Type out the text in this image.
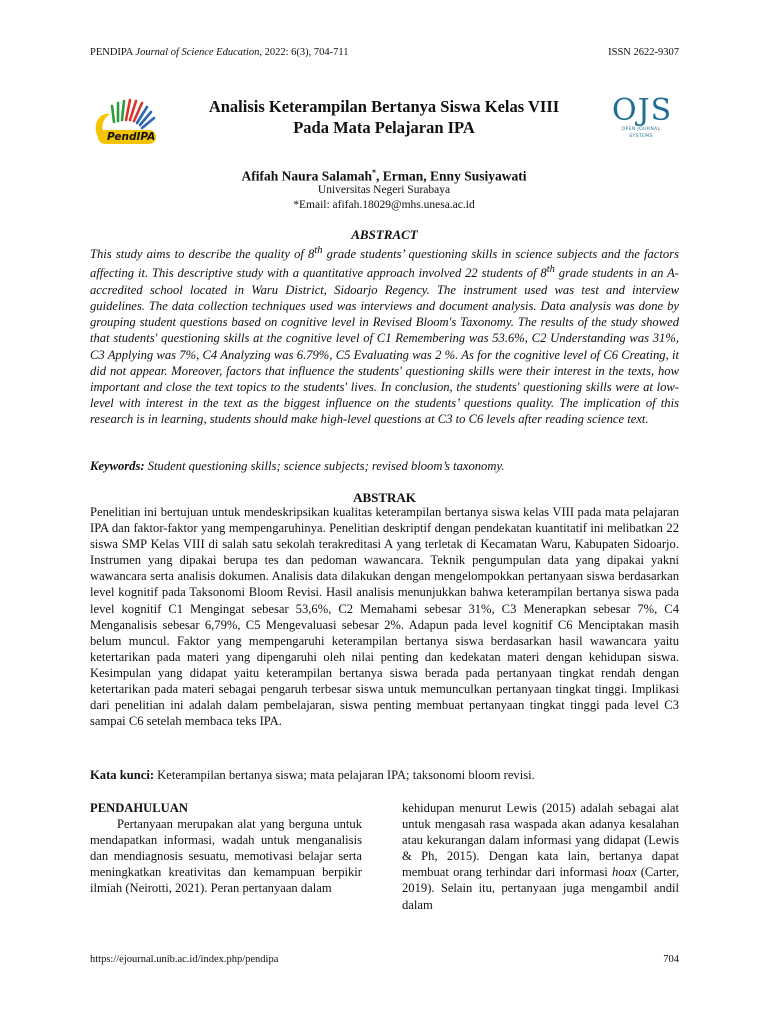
PENDIPA Journal of Science Education, 2022: 6(3), 704-711	ISSN 2622-9307
PendIPA
OJS
OPEN JOURNAL SYSTEMS
Analisis Keterampilan Bertanya Siswa Kelas VIII
Pada Mata Pelajaran IPA
Afifah Naura Salamah*, Erman, Enny Susiyawati
Universitas Negeri Surabaya
*Email: afifah.18029@mhs.unesa.ac.id
ABSTRACT
This study aims to describe the quality of 8th grade students’ questioning skills in science subjects and the factors affecting it. This descriptive study with a quantitative approach involved 22 students of 8th grade students in an A-accredited school located in Waru District, Sidoarjo Regency. The instrument used was test and interview guidelines. The data collection techniques used was interviews and document analysis. Data analysis was done by grouping student questions based on cognitive level in Revised Bloom's Taxonomy. The results of the study showed that students' questioning skills at the cognitive level of C1 Remembering was 53.6%, C2 Understanding was 31%, C3 Applying was 7%, C4 Analyzing was 6.79%, C5 Evaluating was 2 %. As for the cognitive level of C6 Creating, it did not appear. Moreover, factors that influence the students' questioning skills were their interest in the texts, how important and close the text topics to the students' lives. In conclusion, the students' questioning skills were at low-level with interest in the text as the biggest influence on the students’ questions quality. The implication of this research is in learning, students should make high-level questions at C3 to C6 levels after reading science text.
Keywords: Student questioning skills; science subjects; revised bloom’s taxonomy.
ABSTRAK
Penelitian ini bertujuan untuk mendeskripsikan kualitas keterampilan bertanya siswa kelas VIII pada mata pelajaran IPA dan faktor-faktor yang mempengaruhinya. Penelitian deskriptif dengan pendekatan kuantitatif ini melibatkan 22 siswa SMP Kelas VIII di salah satu sekolah terakreditasi A yang terletak di Kecamatan Waru, Kabupaten Sidoarjo. Instrumen yang dipakai berupa tes dan pedoman wawancara. Teknik pengumpulan data yang dipakai yakni wawancara serta analisis dokumen. Analisis data dilakukan dengan mengelompokkan pertanyaan siswa berdasarkan level kognitif pada Taksonomi Bloom Revisi. Hasil analisis menunjukkan bahwa keterampilan bertanya siswa pada level kognitif C1 Mengingat sebesar 53,6%, C2 Memahami sebesar 31%, C3 Menerapkan sebesar 7%, C4 Menganalisis sebesar 6,79%, C5 Mengevaluasi sebesar 2%. Adapun pada level kognitif C6 Menciptakan masih belum muncul. Faktor yang mempengaruhi keterampilan bertanya siswa berdasarkan hasil wawancara yaitu ketertarikan pada materi yang dipengaruhi oleh nilai penting dan kedekatan materi dengan kehidupan siswa. Kesimpulan yang didapat yaitu keterampilan bertanya siswa berada pada pertanyaan tingkat rendah dengan ketertarikan pada materi sebagai pengaruh terbesar siswa untuk memunculkan pertanyaan tingkat tinggi. Implikasi dari penelitian ini adalah dalam pembelajaran, siswa penting membuat pertanyaan tingkat tinggi pada level C3 sampai C6 setelah membaca teks IPA.
Kata kunci: Keterampilan bertanya siswa; mata pelajaran IPA; taksonomi bloom revisi.
PENDAHULUAN
Pertanyaan merupakan alat yang berguna untuk mendapatkan informasi, wadah untuk menganalisis dan mendiagnosis sesuatu, memotivasi belajar serta meningkatkan kreativitas dan kemampuan berpikir ilmiah (Neirotti, 2021). Peran pertanyaan dalam
kehidupan menurut Lewis (2015) adalah sebagai alat untuk mengasah rasa waspada akan adanya kesalahan atau kekurangan dalam informasi yang didapat (Lewis & Ph, 2015). Dengan kata lain, bertanya dapat membuat orang terhindar dari informasi hoax (Carter, 2019). Selain itu, pertanyaan juga mengambil andil dalam
https://ejournal.unib.ac.id/index.php/pendipa	704
